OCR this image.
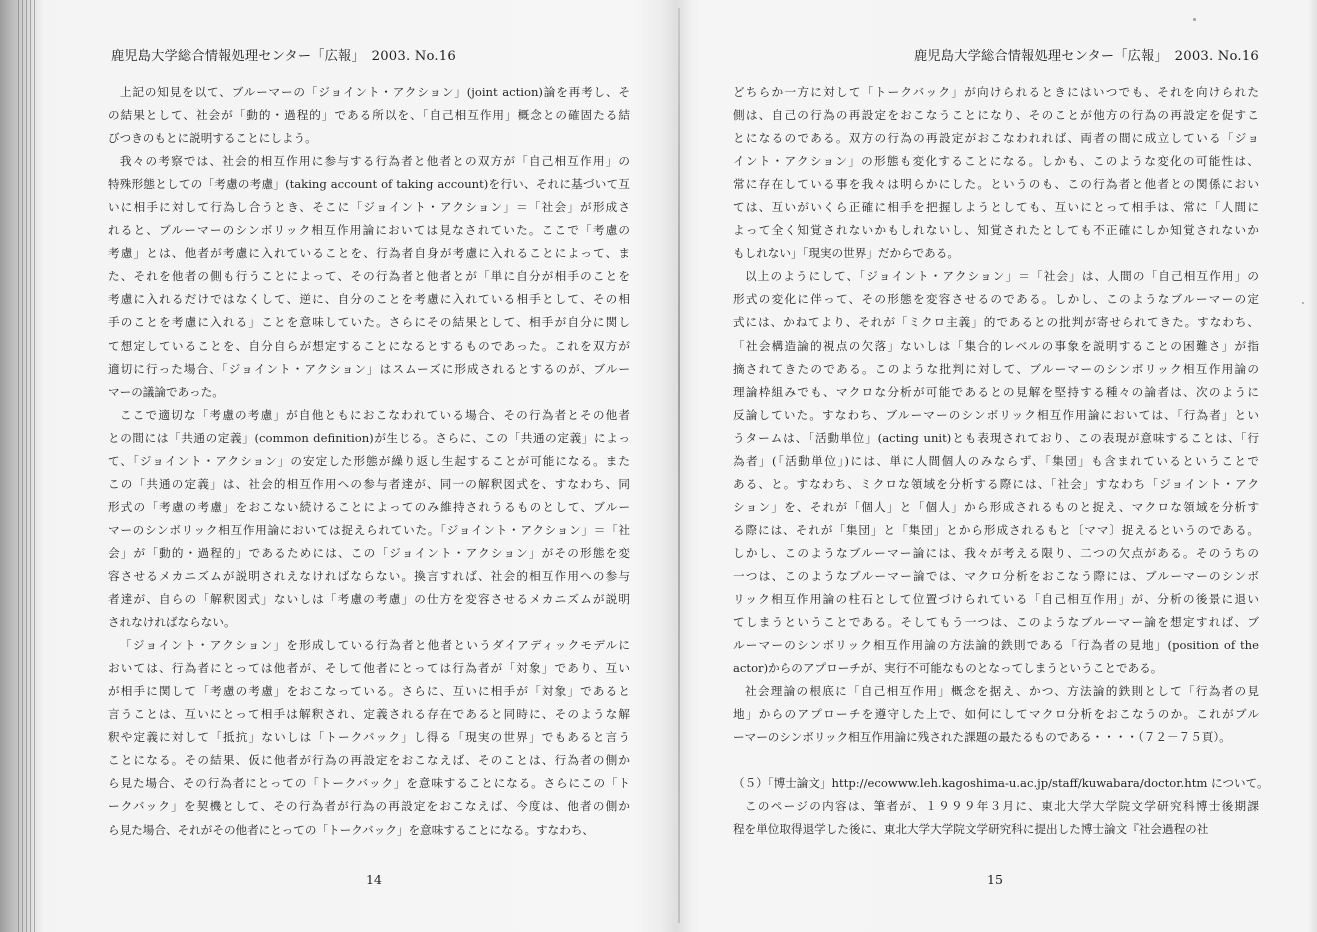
鹿児島大学総合情報処理センター「広報」　2003. No.16
上記の知見を以て、ブルーマーの「ジョイント・アクション」(joint action)論を再考し、そ
の結果として、社会が「動的・過程的」である所以を、「自己相互作用」概念との確固たる結
びつきのもとに説明することにしよう。
我々の考察では、社会的相互作用に参与する行為者と他者との双方が「自己相互作用」の
特殊形態としての「考慮の考慮」(taking account of taking account)を行い、それに基づいて互
いに相手に対して行為し合うとき、そこに「ジョイント・アクション」＝「社会」が形成さ
れると、ブルーマーのシンボリック相互作用論においては見なされていた。ここで「考慮の
考慮」とは、他者が考慮に入れていることを、行為者自身が考慮に入れることによって、ま
た、それを他者の側も行うことによって、その行為者と他者とが「単に自分が相手のことを
考慮に入れるだけではなくして、逆に、自分のことを考慮に入れている相手として、その相
手のことを考慮に入れる」ことを意味していた。さらにその結果として、相手が自分に関し
て想定していることを、自分自らが想定することになるとするものであった。これを双方が
適切に行った場合、「ジョイント・アクション」はスムーズに形成されるとするのが、ブルー
マーの議論であった。
ここで適切な「考慮の考慮」が自他ともにおこなわれている場合、その行為者とその他者
との間には「共通の定義」(common definition)が生じる。さらに、この「共通の定義」によっ
て、「ジョイント・アクション」の安定した形態が繰り返し生起することが可能になる。また
この「共通の定義」は、社会的相互作用への参与者達が、同一の解釈図式を、すなわち、同
形式の「考慮の考慮」をおこない続けることによってのみ維持されうるものとして、ブルー
マーのシンボリック相互作用論においては捉えられていた。「ジョイント・アクション」＝「社
会」が「動的・過程的」であるためには、この「ジョイント・アクション」がその形態を変
容させるメカニズムが説明されえなければならない。換言すれば、社会的相互作用への参与
者達が、自らの「解釈図式」ないしは「考慮の考慮」の仕方を変容させるメカニズムが説明
されなければならない。
「ジョイント・アクション」を形成している行為者と他者というダイアディックモデルに
おいては、行為者にとっては他者が、そして他者にとっては行為者が「対象」であり、互い
が相手に関して「考慮の考慮」をおこなっている。さらに、互いに相手が「対象」であると
言うことは、互いにとって相手は解釈され、定義される存在であると同時に、そのような解
釈や定義に対して「抵抗」ないしは「トークバック」し得る「現実の世界」でもあると言う
ことになる。その結果、仮に他者が行為の再設定をおこなえば、そのことは、行為者の側か
ら見た場合、その行為者にとっての「トークバック」を意味することになる。さらにこの「ト
ークバック」を契機として、その行為者が行為の再設定をおこなえば、今度は、他者の側か
ら見た場合、それがその他者にとっての「トークバック」を意味することになる。すなわち、
14
鹿児島大学総合情報処理センター「広報」　2003. No.16
どちらか一方に対して「トークバック」が向けられるときにはいつでも、それを向けられた
側は、自己の行為の再設定をおこなうことになり、そのことが他方の行為の再設定を促すこ
とになるのである。双方の行為の再設定がおこなわれれば、両者の間に成立している「ジョ
イント・アクション」の形態も変化することになる。しかも、このような変化の可能性は、
常に存在している事を我々は明らかにした。というのも、この行為者と他者との関係におい
ては、互いがいくら正確に相手を把握しようとしても、互いにとって相手は、常に「人間に
よって全く知覚されないかもしれないし、知覚されたとしても不正確にしか知覚されないか
もしれない」「現実の世界」だからである。
以上のようにして、「ジョイント・アクション」＝「社会」は、人間の「自己相互作用」の
形式の変化に伴って、その形態を変容させるのである。しかし、このようなブルーマーの定
式には、かねてより、それが「ミクロ主義」的であるとの批判が寄せられてきた。すなわち、
「社会構造論的視点の欠落」ないしは「集合的レベルの事象を説明することの困難さ」が指
摘されてきたのである。このような批判に対して、ブルーマーのシンボリック相互作用論の
理論枠組みでも、マクロな分析が可能であるとの見解を堅持する種々の論者は、次のように
反論していた。すなわち、ブルーマーのシンボリック相互作用論においては、「行為者」とい
うタームは、「活動単位」(acting unit)とも表現されており、この表現が意味することは、「行
為者」(「活動単位」)には、単に人間個人のみならず、「集団」も含まれているということで
ある、と。すなわち、ミクロな領域を分析する際には、「社会」すなわち「ジョイント・アク
ション」を、それが「個人」と「個人」から形成されるものと捉え、マクロな領域を分析す
る際には、それが「集団」と「集団」とから形成されるもと〔ママ〕捉えるというのである。
しかし、このようなブルーマー論には、我々が考える限り、二つの欠点がある。そのうちの
一つは、このようなブルーマー論では、マクロ分析をおこなう際には、ブルーマーのシンボ
リック相互作用論の柱石として位置づけられている「自己相互作用」が、分析の後景に退い
てしまうということである。そしてもう一つは、このようなブルーマー論を想定すれば、ブ
ルーマーのシンボリック相互作用論の方法論的鉄則である「行為者の見地」(position of the
actor)からのアプローチが、実行不可能なものとなってしまうということである。
社会理論の根底に「自己相互作用」概念を据え、かつ、方法論的鉄則として「行為者の見
地」からのアプローチを遵守した上で、如何にしてマクロ分析をおこなうのか。これがブル
ーマーのシンボリック相互作用論に残された課題の最たるものである・・・・（７２－７５頁）。
（５）「博士論文」http://ecowww.leh.kagoshima-u.ac.jp/staff/kuwabara/doctor.htm について。
このページの内容は、筆者が、１９９９年３月に、東北大学大学院文学研究科博士後期課
程を単位取得退学した後に、東北大学大学院文学研究科に提出した博士論文『社会過程の社
15
